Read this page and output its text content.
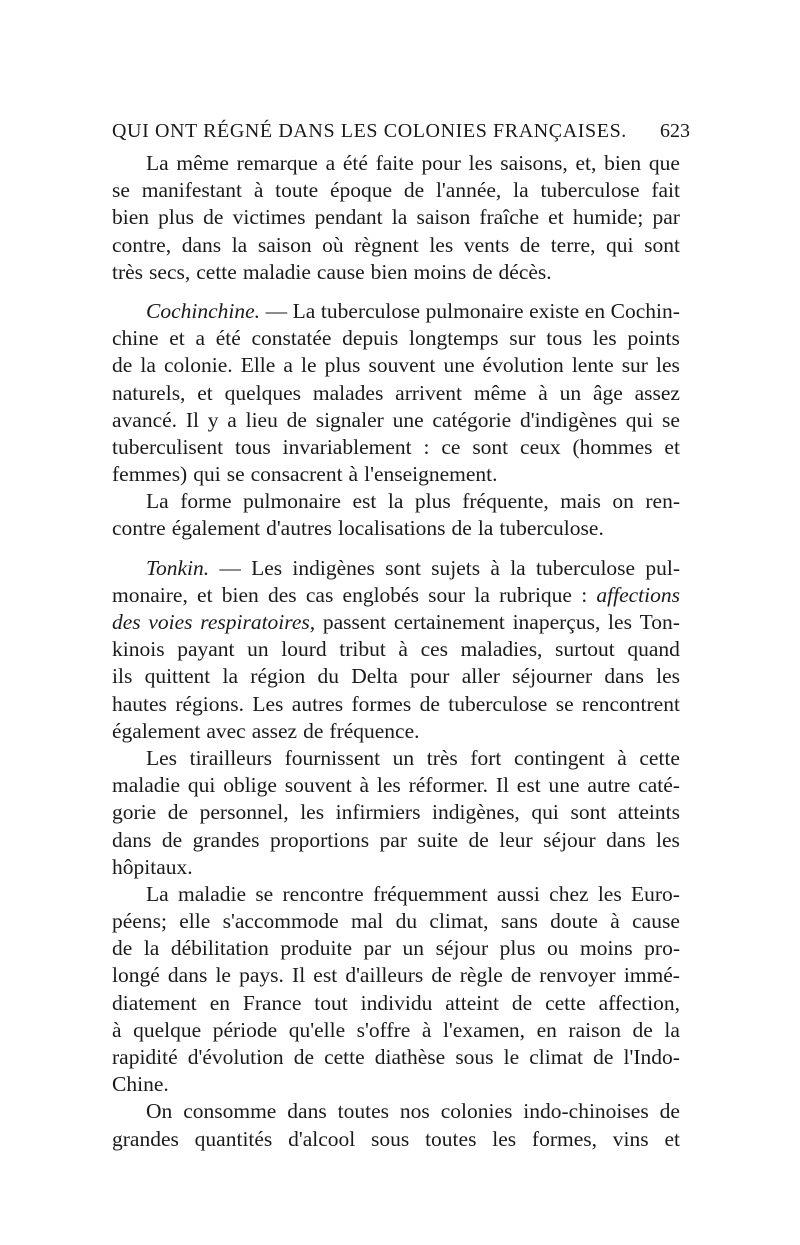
QUI ONT RÉGNÉ DANS LES COLONIES FRANÇAISES. 623
La même remarque a été faite pour les saisons, et, bien que
se manifestant à toute époque de l'année, la tuberculose fait
bien plus de victimes pendant la saison fraîche et humide; par
contre, dans la saison où règnent les vents de terre, qui sont
très secs, cette maladie cause bien moins de décès.
Cochinchine. — La tuberculose pulmonaire existe en Cochin-
chine et a été constatée depuis longtemps sur tous les points
de la colonie. Elle a le plus souvent une évolution lente sur les
naturels, et quelques malades arrivent même à un âge assez
avancé. Il y a lieu de signaler une catégorie d'indigènes qui se
tuberculisent tous invariablement : ce sont ceux (hommes et
femmes) qui se consacrent à l'enseignement.
La forme pulmonaire est la plus fréquente, mais on ren-
contre également d'autres localisations de la tuberculose.
Tonkin. — Les indigènes sont sujets à la tuberculose pul-
monaire, et bien des cas englobés sour la rubrique : affections
des voies respiratoires, passent certainement inaperçus, les Ton-
kinois payant un lourd tribut à ces maladies, surtout quand
ils quittent la région du Delta pour aller séjourner dans les
hautes régions. Les autres formes de tuberculose se rencontrent
également avec assez de fréquence.
Les tirailleurs fournissent un très fort contingent à cette
maladie qui oblige souvent à les réformer. Il est une autre caté-
gorie de personnel, les infirmiers indigènes, qui sont atteints
dans de grandes proportions par suite de leur séjour dans les
hôpitaux.
La maladie se rencontre fréquemment aussi chez les Euro-
péens; elle s'accommode mal du climat, sans doute à cause
de la débilitation produite par un séjour plus ou moins pro-
longé dans le pays. Il est d'ailleurs de règle de renvoyer immé-
diatement en France tout individu atteint de cette affection,
à quelque période qu'elle s'offre à l'examen, en raison de la
rapidité d'évolution de cette diathèse sous le climat de l'Indo-
Chine.
On consomme dans toutes nos colonies indo-chinoises de
grandes quantités d'alcool sous toutes les formes, vins et
